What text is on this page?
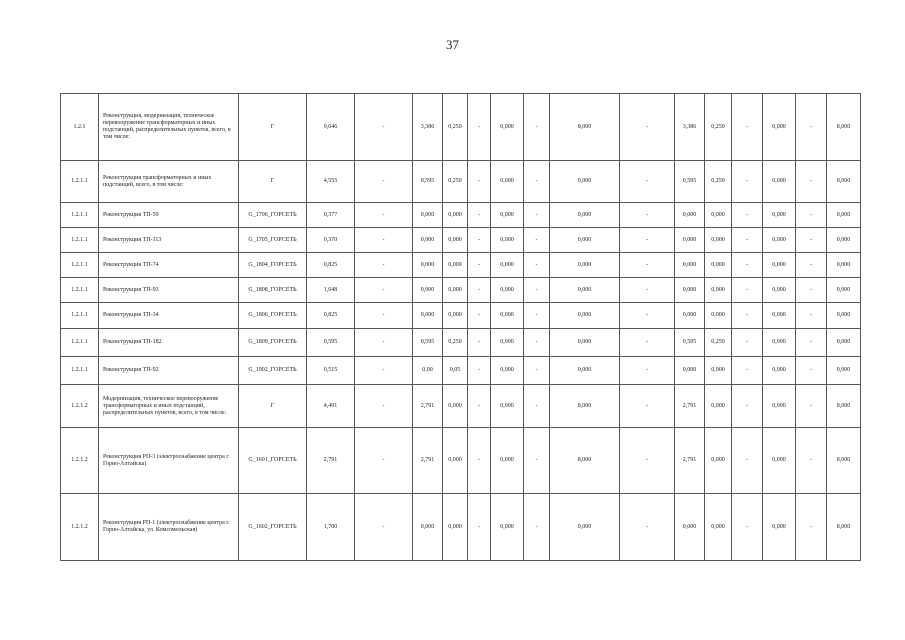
37
1.2.1	Реконструкция, модернизация, техническое перевооружение трансформаторных и иных подстанций, распределительных пунктов, всего, в том числе:	Г	9,046	-	3,386	0,250	-	0,000	-	8,000	-	3,386	0,250	-	0,000	-	8,000
1.2.1.1	Реконструкция трансформаторных и иных подстанций, всего, в том числе:	Г	4,555	-	0,595	0,250	-	0,000	-	0,000	-	0,595	0,250	-	0,000	-	0,000
1.2.1.1	Реконструкция ТП-59	G_1706_ГОРСЕТЬ	0,377	-	0,000	0,000	-	0,000	-	0,000	-	0,000	0,000	-	0,000	-	0,000
1.2.1.1	Реконструкция ТП-113	G_1705_ГОРСЕТЬ	0,370	-	0,000	0,000	-	0,000	-	0,000	-	0,000	0,000	-	0,000	-	0,000
1.2.1.1	Реконструкция ТП-74	G_1804_ГОРСЕТЬ	0,825	-	0,000	0,000	-	0,000	-	0,000	-	0,000	0,000	-	0,000	-	0,000
1.2.1.1	Реконструкция ТП-93	G_1808_ГОРСЕТЬ	1,048	-	0,000	0,000	-	0,000	-	0,000	-	0,000	0,000	-	0,000	-	0,000
1.2.1.1	Реконструкция ТП-34	G_1806_ГОРСЕТЬ	0,825	-	0,000	0,000	-	0,000	-	0,000	-	0,000	0,000	-	0,000	-	0,000
1.2.1.1	Реконструкция ТП-182	G_1809_ГОРСЕТЬ	0,595	-	0,595	0,250	-	0,000	-	0,000	-	0,595	0,250	-	0,000	-	0,000
1.2.1.1	Реконструкция ТП-92	G_1902_ГОРСЕТЬ	0,515	-	0,00	0,05	-	0,000	-	0,000	-	0,000	0,000	-	0,000	-	0,000
1.2.1.2	Модернизация, техническое перевооружение трансформаторных и иных подстанций, распределительных пунктов, всего, в том числе:	Г	4,491	-	2,791	0,000	-	0,000	-	8,000	-	2,791	0,000	-	0,000	-	8,000
1.2.1.2	Реконструкция РП-3 (электроснабжение центра г. Горно-Алтайска)	G_1601_ГОРСЕТЬ	2,791	-	2,791	0,000	-	0,000	-	8,000	-	2,791	0,000	-	0,000	-	8,000
1.2.1.2	Реконструкция РП-1 (электроснабжение центра г. Горно-Алтайска, ул. Комсомольская)	G_1602_ГОРСЕТЬ	1,700	-	0,000	0,000	-	0,000	-	0,000	-	0,000	0,000	-	0,000	-	8,000
